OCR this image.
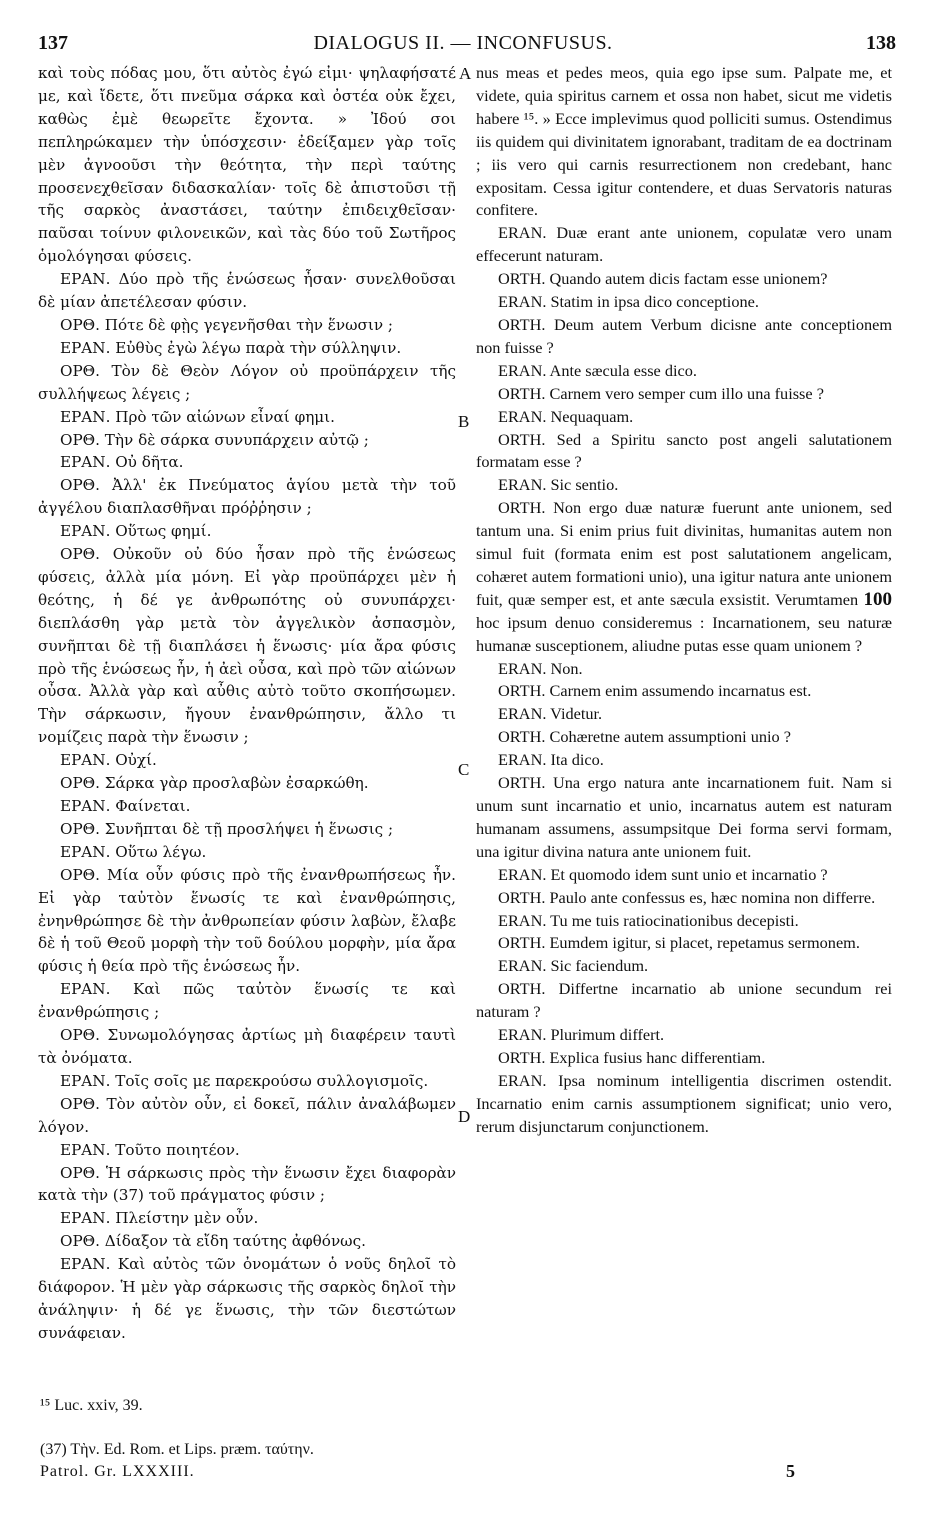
137	DIALOGUS II. — INCONFUSUS.	138

καὶ τοὺς πόδας μου, ὅτι αὐτὸς ἐγώ εἰμι· ψηλαφήσατέ με, καὶ ἴδετε, ὅτι πνεῦμα σάρκα καὶ ὀστέα οὐκ ἔχει, καθὼς ἐμὲ θεωρεῖτε ἔχοντα. » Ἰδού σοι πεπληρώκαμεν τὴν ὑπόσχεσιν· ἐδείξαμεν γὰρ τοῖς μὲν ἀγνοοῦσι τὴν θεότητα, τὴν περὶ ταύτης προσενεχθεῖσαν διδασκαλίαν· τοῖς δὲ ἀπιστοῦσι τῇ τῆς σαρκὸς ἀναστάσει, ταύτην ἐπιδειχθεῖσαν· παῦσαι τοίνυν φιλονεικῶν, καὶ τὰς δύο τοῦ Σωτῆρος ὁμολόγησαι φύσεις.

ΕΡΑΝ. Δύο πρὸ τῆς ἑνώσεως ἦσαν· συνελθοῦσαι δὲ μίαν ἀπετέλεσαν φύσιν.

ΟΡΘ. Πότε δὲ φῂς γεγενῆσθαι τὴν ἕνωσιν ;

ΕΡΑΝ. Εὐθὺς ἐγὼ λέγω παρὰ τὴν σύλληψιν.

ΟΡΘ. Τὸν δὲ Θεὸν Λόγον οὐ προϋπάρχειν τῆς συλλήψεως λέγεις ;

ΕΡΑΝ. Πρὸ τῶν αἰώνων εἶναί φημι.

ΟΡΘ. Τὴν δὲ σάρκα συνυπάρχειν αὐτῷ ;

ΕΡΑΝ. Οὐ δῆτα.

ΟΡΘ. Ἀλλ' ἐκ Πνεύματος ἁγίου μετὰ τὴν τοῦ ἀγγέλου διαπλασθῆναι πρόῤῥησιν ;

ΕΡΑΝ. Οὕτως φημί.

ΟΡΘ. Οὐκοῦν οὐ δύο ἦσαν πρὸ τῆς ἑνώσεως φύσεις, ἀλλὰ μία μόνη. Εἰ γὰρ προϋπάρχει μὲν ἡ θεότης, ἡ δέ γε ἀνθρωπότης οὐ συνυπάρχει· διεπλάσθη γὰρ μετὰ τὸν ἀγγελικὸν ἀσπασμὸν, συνῆπται δὲ τῇ διαπλάσει ἡ ἕνωσις· μία ἄρα φύσις πρὸ τῆς ἑνώσεως ἦν, ἡ ἀεὶ οὖσα, καὶ πρὸ τῶν αἰώνων οὖσα. Ἀλλὰ γὰρ καὶ αὖθις αὐτὸ τοῦτο σκοπήσωμεν. Τὴν σάρκωσιν, ἤγουν ἐνανθρώπησιν, ἄλλο τι νομίζεις παρὰ τὴν ἕνωσιν ;

ΕΡΑΝ. Οὐχί.

ΟΡΘ. Σάρκα γὰρ προσλαβὼν ἐσαρκώθη.

ΕΡΑΝ. Φαίνεται.

ΟΡΘ. Συνῆπται δὲ τῇ προσλήψει ἡ ἕνωσις ;

ΕΡΑΝ. Οὕτω λέγω.

ΟΡΘ. Μία οὖν φύσις πρὸ τῆς ἐνανθρωπήσεως ἦν. Εἰ γὰρ ταὐτὸν ἕνωσίς τε καὶ ἐνανθρώπησις, ἐνηνθρώπησε δὲ τὴν ἀνθρωπείαν φύσιν λαβὼν, ἔλαβε δὲ ἡ τοῦ Θεοῦ μορφὴ τὴν τοῦ δούλου μορφὴν, μία ἄρα φύσις ἡ θεία πρὸ τῆς ἑνώσεως ἦν.

ΕΡΑΝ. Καὶ πῶς ταὐτὸν ἕνωσίς τε καὶ ἐνανθρώπησις ;

ΟΡΘ. Συνωμολόγησας ἀρτίως μὴ διαφέρειν ταυτὶ τὰ ὀνόματα.

ΕΡΑΝ. Τοῖς σοῖς με παρεκρούσω συλλογισμοῖς.

ΟΡΘ. Τὸν αὐτὸν οὖν, εἰ δοκεῖ, πάλιν ἀναλάβωμεν λόγον.

ΕΡΑΝ. Τοῦτο ποιητέον.

ΟΡΘ. Ἡ σάρκωσις πρὸς τὴν ἕνωσιν ἔχει διαφορὰν κατὰ τὴν (37) τοῦ πράγματος φύσιν ;

ΕΡΑΝ. Πλείστην μὲν οὖν.

ΟΡΘ. Δίδαξον τὰ εἴδη ταύτης ἀφθόνως.

ΕΡΑΝ. Καὶ αὐτὸς τῶν ὀνομάτων ὁ νοῦς δηλοῖ τὸ διάφορον. Ἡ μὲν γὰρ σάρκωσις τῆς σαρκὸς δηλοῖ τὴν ἀνάληψιν· ἡ δέ γε ἕνωσις, τὴν τῶν διεστώτων συνάφειαν.

nus meas et pedes meos, quia ego ipse sum. Palpate me, et videte, quia spiritus carnem et ossa non habet, sicut me videtis habere ¹⁵. » Ecce implevimus quod polliciti sumus. Ostendimus iis quidem qui divinitatem ignorabant, traditam de ea doctrinam ; iis vero qui carnis resurrectionem non credebant, hanc expositam. Cessa igitur contendere, et duas Servatoris naturas confitere.

ERAN. Duæ erant ante unionem, copulatæ vero unam effecerunt naturam.

ORTH. Quando autem dicis factam esse unionem?

ERAN. Statim in ipsa dico conceptione.

ORTH. Deum autem Verbum dicisne ante conceptionem non fuisse ?

ERAN. Ante sæcula esse dico.

ORTH. Carnem vero semper cum illo una fuisse ?

ERAN. Nequaquam.

ORTH. Sed a Spiritu sancto post angeli salutationem formatam esse ?

ERAN. Sic sentio.

ORTH. Non ergo duæ naturæ fuerunt ante unionem, sed tantum una. Si enim prius fuit divinitas, humanitas autem non simul fuit (formata enim est post salutationem angelicam, cohæret autem formationi unio), una igitur natura ante unionem fuit, quæ semper est, et ante sæcula exsistit. Verumtamen 100 hoc ipsum denuo consideremus : Incarnationem, seu naturæ humanæ susceptionem, aliudne putas esse quam unionem ?

ERAN. Non.

ORTH. Carnem enim assumendo incarnatus est.

ERAN. Videtur.

ORTH. Cohæretne autem assumptioni unio ?

ERAN. Ita dico.

ORTH. Una ergo natura ante incarnationem fuit. Nam si unum sunt incarnatio et unio, incarnatus autem est naturam humanam assumens, assumpsitque Dei forma servi formam, una igitur divina natura ante unionem fuit.

ERAN. Et quomodo idem sunt unio et incarnatio ?

ORTH. Paulo ante confessus es, hæc nomina non differre.

ERAN. Tu me tuis ratiocinationibus decepisti.

ORTH. Eumdem igitur, si placet, repetamus sermonem.

ERAN. Sic faciendum.

ORTH. Differtne incarnatio ab unione secundum rei naturam ?

ERAN. Plurimum differt.

ORTH. Explica fusius hanc differentiam.

ERAN. Ipsa nominum intelligentia discrimen ostendit. Incarnatio enim carnis assumptionem significat; unio vero, rerum disjunctarum conjunctionem.

A
B
C
D
¹⁵ Luc. xxiv, 39.
(37) Τὴν. Ed. Rom. et Lips. præm. ταύτην.
Patrol. Gr. LXXXIII.	5
